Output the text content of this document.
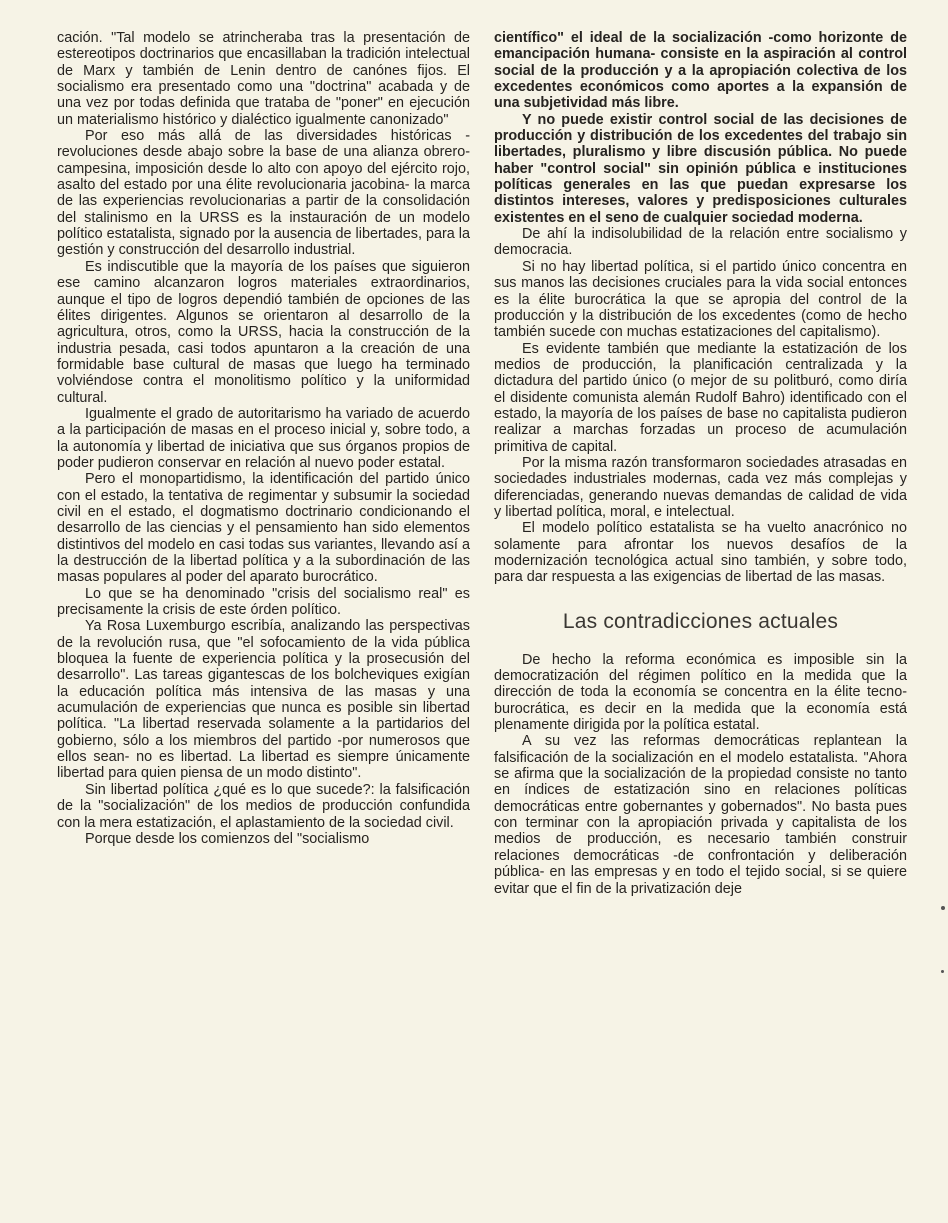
cación. "Tal modelo se atrincheraba tras la presentación de estereotipos doctrinarios que encasillaban la tradición intelectual de Marx y también de Lenin dentro de canónes fijos. El socialismo era presentado como una "doctrina" acabada y de una vez por todas definida que trataba de "poner" en ejecución un materialismo histórico y dialéctico igualmente canonizado"

Por eso más allá de las diversidades históricas -revoluciones desde abajo sobre la base de una alianza obrero-campesina, imposición desde lo alto con apoyo del ejército rojo, asalto del estado por una élite revolucionaria jacobina- la marca de las experiencias revolucionarias a partir de la consolidación del stalinismo en la URSS es la instauración de un modelo político estatalista, signado por la ausencia de libertades, para la gestión y construcción del desarrollo industrial.

Es indiscutible que la mayoría de los países que siguieron ese camino alcanzaron logros materiales extraordinarios, aunque el tipo de logros dependió también de opciones de las élites dirigentes. Algunos se orientaron al desarrollo de la agricultura, otros, como la URSS, hacia la construcción de la industria pesada, casi todos apuntaron a la creación de una formidable base cultural de masas que luego ha terminado volviéndose contra el monolitismo político y la uniformidad cultural.

Igualmente el grado de autoritarismo ha variado de acuerdo a la participación de masas en el proceso inicial y, sobre todo, a la autonomía y libertad de iniciativa que sus órganos propios de poder pudieron conservar en relación al nuevo poder estatal.

Pero el monopartidismo, la identificación del partido único con el estado, la tentativa de regimentar y subsumir la sociedad civil en el estado, el dogmatismo doctrinario condicionando el desarrollo de las ciencias y el pensamiento han sido elementos distintivos del modelo en casi todas sus variantes, llevando así a la destrucción de la libertad política y a la subordinación de las masas populares al poder del aparato burocrático.

Lo que se ha denominado "crisis del socialismo real" es precisamente la crisis de este órden político.

Ya Rosa Luxemburgo escribía, analizando las perspectivas de la revolución rusa, que "el sofocamiento de la vida pública bloquea la fuente de experiencia política y la prosecusión del desarrollo". Las tareas gigantescas de los bolcheviques exigían la educación política más intensiva de las masas y una acumulación de experiencias que nunca es posible sin libertad política. "La libertad reservada solamente a la partidarios del gobierno, sólo a los miembros del partido -por numerosos que ellos sean- no es libertad. La libertad es siempre únicamente libertad para quien piensa de un modo distinto".

Sin libertad política ¿qué es lo que sucede?: la falsificación de la "socialización" de los medios de producción confundida con la mera estatización, el aplastamiento de la sociedad civil.

Porque desde los comienzos del "socialismo

científico" el ideal de la socialización -como horizonte de emancipación humana- consiste en la aspiración al control social de la producción y a la apropiación colectiva de los excedentes económicos como aportes a la expansión de una subjetividad más libre.

Y no puede existir control social de las decisiones de producción y distribución de los excedentes del trabajo sin libertades, pluralismo y libre discusión pública. No puede haber "control social" sin opinión pública e instituciones políticas generales en las que puedan expresarse los distintos intereses, valores y predisposiciones culturales existentes en el seno de cualquier sociedad moderna.

De ahí la indisolubilidad de la relación entre socialismo y democracia.

Si no hay libertad política, si el partido único concentra en sus manos las decisiones cruciales para la vida social entonces es la élite burocrática la que se apropia del control de la producción y la distribución de los excedentes (como de hecho también sucede con muchas estatizaciones del capitalismo).

Es evidente también que mediante la estatización de los medios de producción, la planificación centralizada y la dictadura del partido único (o mejor de su politburó, como diría el disidente comunista alemán Rudolf Bahro) identificado con el estado, la mayoría de los países de base no capitalista pudieron realizar a marchas forzadas un proceso de acumulación primitiva de capital.

Por la misma razón transformaron sociedades atrasadas en sociedades industriales modernas, cada vez más complejas y diferenciadas, generando nuevas demandas de calidad de vida y libertad política, moral, e intelectual.

El modelo político estatalista se ha vuelto anacrónico no solamente para afrontar los nuevos desafíos de la modernización tecnológica actual sino también, y sobre todo, para dar respuesta a las exigencias de libertad de las masas.

Las contradicciones actuales

De hecho la reforma económica es imposible sin la democratización del régimen político en la medida que la dirección de toda la economía se concentra en la élite tecno-burocrática, es decir en la medida que la economía está plenamente dirigida por la política estatal.

A su vez las reformas democráticas replantean la falsificación de la socialización en el modelo estatalista. "Ahora se afirma que la socialización de la propiedad consiste no tanto en índices de estatización sino en relaciones políticas democráticas entre gobernantes y gobernados". No basta pues con terminar con la apropiación privada y capitalista de los medios de producción, es necesario también construir relaciones democráticas -de confrontación y deliberación pública- en las empresas y en todo el tejido social, si se quiere evitar que el fin de la privatización deje
